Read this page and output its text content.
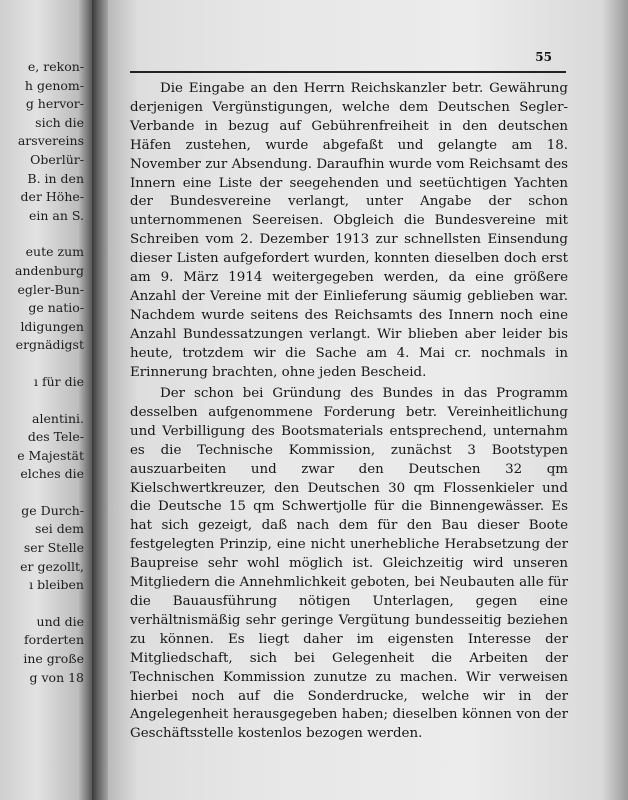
e, rekon-
h genom-
g hervor-
sich die
arsvereins
Oberlür-
B. in den
der Höhe-
ein an S.
eute zum
andenburg
egler-Bun-
ge natio-
ldigungen
ergnädigst
ı für die
alentini.
des Tele-
e Majestät
elches die
ge Durch-
sei dem
ser Stelle
er gezollt,
ı bleiben
und die
forderten
ine große
g von 18
55

Die Eingabe an den Herrn Reichskanzler betr. Gewährung derjenigen Vergünstigungen, welche dem Deutschen Segler-Verbande in bezug auf Gebührenfreiheit in den deutschen Häfen zustehen, wurde abgefaßt und gelangte am 18. November zur Absendung. Daraufhin wurde vom Reichsamt des Innern eine Liste der seegehenden und seetüchtigen Yachten der Bundesvereine verlangt, unter Angabe der schon unternommenen Seereisen. Obgleich die Bundesvereine mit Schreiben vom 2. Dezember 1913 zur schnellsten Einsendung dieser Listen aufgefordert wurden, konnten dieselben doch erst am 9. März 1914 weitergegeben werden, da eine größere Anzahl der Vereine mit der Einlieferung säumig geblieben war. Nachdem wurde seitens des Reichsamts des Innern noch eine Anzahl Bundessatzungen verlangt. Wir blieben aber leider bis heute, trotzdem wir die Sache am 4. Mai cr. nochmals in Erinnerung brachten, ohne jeden Bescheid.

Der schon bei Gründung des Bundes in das Programm desselben aufgenommene Forderung betr. Vereinheitlichung und Verbilligung des Bootsmaterials entsprechend, unternahm es die Technische Kommission, zunächst 3 Bootstypen auszuarbeiten und zwar den Deutschen 32 qm Kielschwertkreuzer, den Deutschen 30 qm Flossenkieler und die Deutsche 15 qm Schwertjolle für die Binnengewässer. Es hat sich gezeigt, daß nach dem für den Bau dieser Boote festgelegten Prinzip, eine nicht unerhebliche Herabsetzung der Baupreise sehr wohl möglich ist. Gleichzeitig wird unseren Mitgliedern die Annehmlichkeit geboten, bei Neubauten alle für die Bauausführung nötigen Unterlagen, gegen eine verhältnismäßig sehr geringe Vergütung bundesseitig beziehen zu können. Es liegt daher im eigensten Interesse der Mitgliedschaft, sich bei Gelegenheit die Arbeiten der Technischen Kommission zunutze zu machen. Wir verweisen hierbei noch auf die Sonderdrucke, welche wir in der Angelegenheit herausgegeben haben; dieselben können von der Geschäftsstelle kostenlos bezogen werden.
